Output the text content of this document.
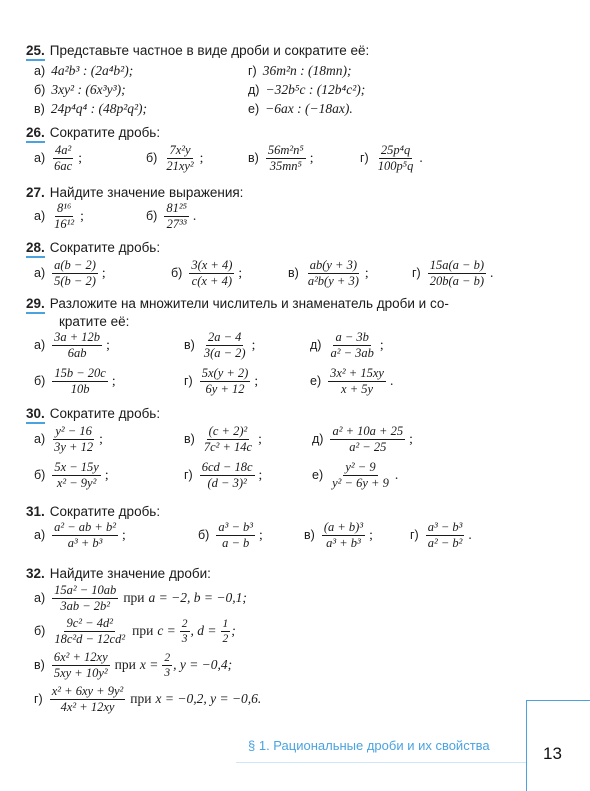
25. Представьте частное в виде дроби и сократите её:
а) 4a²b³ : (2a⁴b²);	г) 36m²n : (18mn);
б) 3xy² : (6x³y³);	д) −32b⁵c : (12b⁴c²);
в) 24p⁴q⁴ : (48p²q²);	е) −6ax : (−18ax).
26. Сократите дробь:
$а) \frac{\text{4a²}}{6ac}$ ;	$б) \frac{\text{7x²y}}{\text{21xy²}}$ ;	$в) \frac{\text{56m²n⁵}}{\text{35mn⁵}}$ ;	$г) \frac{\text{25p⁴q}}{\text{100p⁵q}}$ .
27. Найдите значение выражения:
$а) \frac{\text{8¹⁶}}{\text{16¹²}}$ ;	$б) \frac{\text{81²⁵}}{\text{27³³}}$ .
28. Сократите дробь:
$а) \frac{a(b - 2)}{5(b - 2)}$ ;	$б) \frac{3(x + 4)}{c(x + 4)}$ ;	$в) \frac{ab(y + 3)}{\text{a²b(y + 3)}}$ ;	$г) \frac{15a(a - b)}{20b(a - b)}$ .
29. Разложите на множители числитель и знаменатель дроби и со-
кратите её:
$а) \frac{3a + 12b}{6ab}$ ;	$в) \frac{2a - 4}{3(a - 2)}$ ;	$д) \frac{a - 3b}{\text{a² − 3ab}}$ ;
$б) \frac{15b - 20c}{10b}$ ;	$г) \frac{5x(y + 2)}{6y + 12}$ ;	$е) \frac{\text{3x² + 15xy}}{x + 5y}$ .
30. Сократите дробь:
$а) \frac{\text{y² − 16}}{3y + 12}$ ;	$в) \frac{\text{(c + 2)²}}{\text{7c² + 14c}}$ ;	$д) \frac{\text{a² + 10a + 25}}{\text{a² − 25}}$ ;
$б) \frac{5x - 15y}{\text{x² − 9y²}}$ ;	$г) \frac{6cd - 18c}{\text{(d − 3)²}}$ ;	$е) \frac{\text{y² − 9}}{\text{y² − 6y + 9}}$ .
31. Сократите дробь:
$а) \frac{\text{a² − ab + b²}}{\text{a³ + b³}}$ ;	$б) \frac{\text{a³ − b³}}{a - b}$ ;	$в) \frac{\text{(a + b)³}}{\text{a³ + b³}}$ ;	$г) \frac{\text{a³ − b³}}{\text{a² − b²}}$ .
32. Найдите значение дроби:
$а) \frac{\text{15a² − 10ab}}{\text{3ab − 2b²}}$ при a = −2, b = −0,1;
$б) \frac{\text{9c² − 4d²}}{\text{18c²d − 12cd²}}$ при $c = \frac{2}{3}$ , $d = \frac{1}{2}$ ;
$в) \frac{\text{6x² + 12xy}}{\text{5xy + 10y²}}$ при $x = \frac{2}{3}$ , y = −0,4;
$г) \frac{\text{x² + 6xy + 9y²}}{\text{4x² + 12xy}}$ при x = −0,2, y = −0,6.
§ 1. Рациональные дроби и их свойства	13
